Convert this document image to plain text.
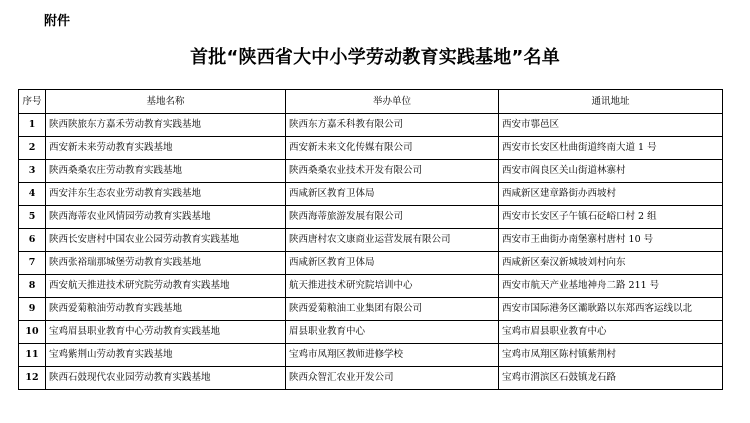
附件
首批“陕西省大中小学劳动教育实践基地”名单
序号	基地名称	举办单位	通讯地址
1	陕西陕旅东方嘉禾劳动教育实践基地	陕西东方嘉禾科教有限公司	西安市鄠邑区
2	西安新未来劳动教育实践基地	西安新未来文化传媒有限公司	西安市长安区杜曲街道终南大道 1 号
3	陕西桑桑农庄劳动教育实践基地	陕西桑桑农业技术开发有限公司	西安市阎良区关山街道林寨村
4	西安沣东生态农业劳动教育实践基地	西咸新区教育卫体局	西咸新区建章路街办西坡村
5	陕西海蒂农业风情园劳动教育实践基地	陕西海蒂旅游发展有限公司	西安市长安区子午镇石砭峪口村 2 组
6	陕西长安唐村中国农业公园劳动教育实践基地	陕西唐村农文康商业运营发展有限公司	西安市王曲街办南堡寨村唐村 10 号
7	陕西张裕瑞那城堡劳动教育实践基地	西咸新区教育卫体局	西咸新区秦汉新城坡刘村向东
8	西安航天推进技术研究院劳动教育实践基地	航天推进技术研究院培训中心	西安市航天产业基地神舟二路 211 号
9	陕西爱菊粮油劳动教育实践基地	陕西爱菊粮油工业集团有限公司	西安市国际港务区灞耿路以东郑西客运线以北
10	宝鸡眉县职业教育中心劳动教育实践基地	眉县职业教育中心	宝鸡市眉县职业教育中心
11	宝鸡紫荆山劳动教育实践基地	宝鸡市凤翔区教师进修学校	宝鸡市凤翔区陈村镇紫荆村
12	陕西石鼓现代农业园劳动教育实践基地	陕西众智汇农业开发公司	宝鸡市渭滨区石鼓镇龙石路
